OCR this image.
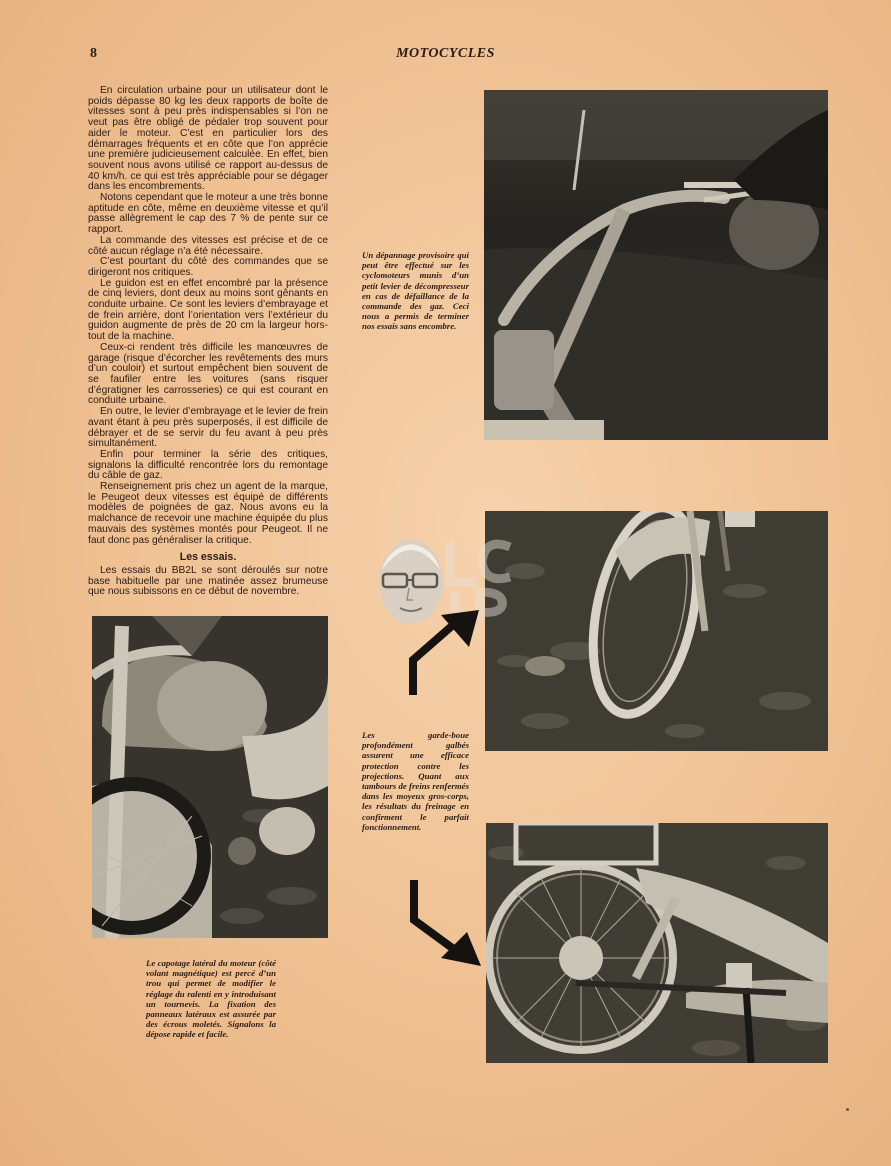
8	MOTOCYCLES

En circulation urbaine pour un utilisateur dont le poids dépasse 80 kg les deux rapports de boîte de vitesses sont à peu près indispensables si l’on ne veut pas être obligé de pédaler trop souvent pour aider le moteur. C’est en particulier lors des démarrages fréquents et en côte que l’on apprécie une première judicieusement calculée. En effet, bien souvent nous avons utilisé ce rapport au-dessus de 40 km/h. ce qui est très appréciable pour se dégager dans les encombrements.

Notons cependant que le moteur a une très bonne aptitude en côte, même en deuxième vitesse et qu’il passe allègrement le cap des 7 % de pente sur ce rapport.

La commande des vitesses est précise et de ce côté aucun réglage n’a été nécessaire.

C’est pourtant du côté des commandes que se dirigeront nos critiques.

Le guidon est en effet encombré par la présence de cinq leviers, dont deux au moins sont gênants en conduite urbaine. Ce sont les leviers d’embrayage et de frein arrière, dont l’orientation vers l’extérieur du guidon augmente de près de 20 cm la largeur hors-tout de la machine.

Ceux-ci rendent très difficile les manœuvres de garage (risque d’écorcher les revêtements des murs d’un couloir) et surtout empêchent bien souvent de se faufiler entre les voitures (sans risquer d’égratigner les carrosseries) ce qui est courant en conduite urbaine.

En outre, le levier d’embrayage et le levier de frein avant étant à peu près superposés, il est difficile de débrayer et de se servir du feu avant à peu près simultanément.

Enfin pour terminer la série des critiques, signalons la difficulté rencontrée lors du remontage du câble de gaz.

Renseignement pris chez un agent de la marque, le Peugeot deux vitesses est équipé de différents modèles de poignées de gaz. Nous avons eu la malchance de recevoir une machine équipée du plus mauvais des systèmes montés pour Peugeot. Il ne faut donc pas généraliser la critique.

Les essais.

Les essais du BB2L se sont déroulés sur notre base habituelle par une matinée assez brumeuse que nous subissons en ce début de novembre.

Un dépannage provisoire qui peut être effectué sur les cyclomoteurs munis d’un petit levier de décompresseur en cas de défaillance de la commande des gaz. Ceci nous a permis de terminer nos essais sans encombre.
Les garde-boue profondément galbés assurent une efficace protection contre les projections. Quant aux tambours de freins renfermés dans les moyeux gros-corps, les résultats du freinage en confirment le parfait fonctionnement.
Le capotage latéral du moteur (côté volant magnétique) est percé d’un trou qui permet de modifier le réglage du ralenti en y introduisant un tournevis. La fixation des panneaux latéraux est assurée par des écrous moletés. Signalons la dépose rapide et facile.
